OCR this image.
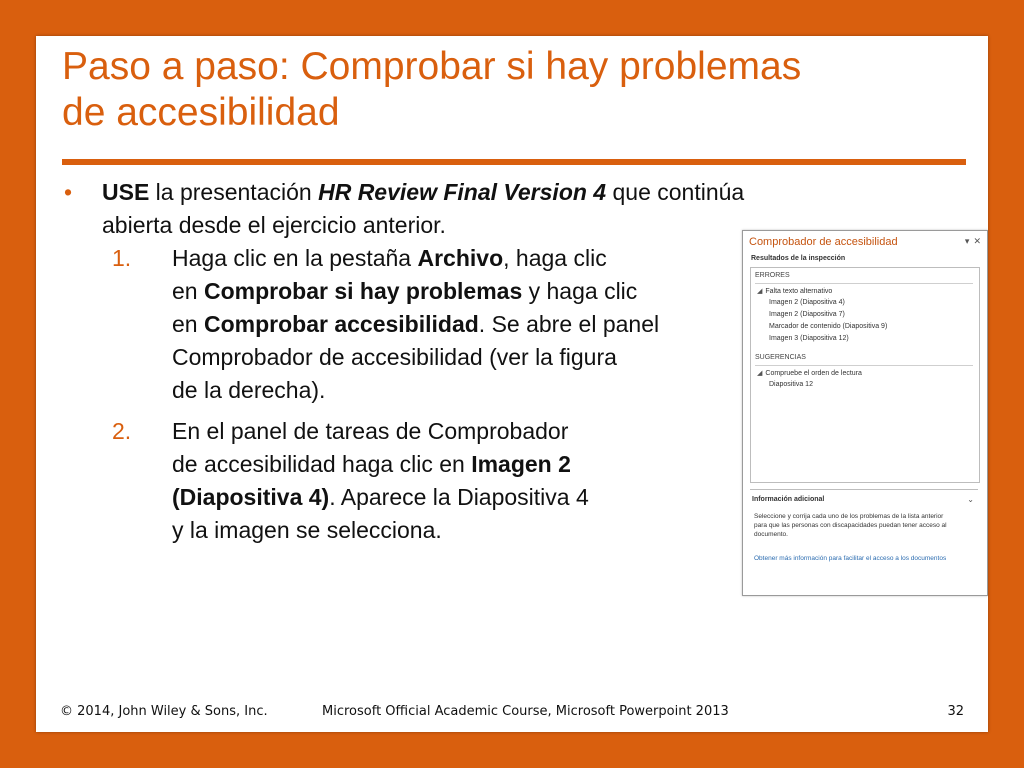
Paso a paso: Comprobar si hay problemas
de accesibilidad
• USE la presentación HR Review Final Version 4 que continúa
abierta desde el ejercicio anterior.
1. Haga clic en la pestaña Archivo, haga clic
en Comprobar si hay problemas y haga clic
en Comprobar accesibilidad. Se abre el panel
Comprobador de accesibilidad (ver la figura
de la derecha).
2. En el panel de tareas de Comprobador
de accesibilidad haga clic en Imagen 2
(Diapositiva 4). Aparece la Diapositiva 4
y la imagen se selecciona.
Comprobador de accesibilidad	▾ ✕
Resultados de la inspección
ERRORES
◢ Falta texto alternativo
Imagen 2 (Diapositiva 4)
Imagen 2 (Diapositiva 7)
Marcador de contenido (Diapositiva 9)
Imagen 3 (Diapositiva 12)
SUGERENCIAS
◢ Compruebe el orden de lectura
Diapositiva 12
Información adicional	⌄
Seleccione y corrija cada uno de los problemas de la lista anterior para que las personas con discapacidades puedan tener acceso al documento.
Obtener más información para facilitar el acceso a los documentos
© 2014, John Wiley & Sons, Inc.	Microsoft Official Academic Course, Microsoft Powerpoint 2013	32
